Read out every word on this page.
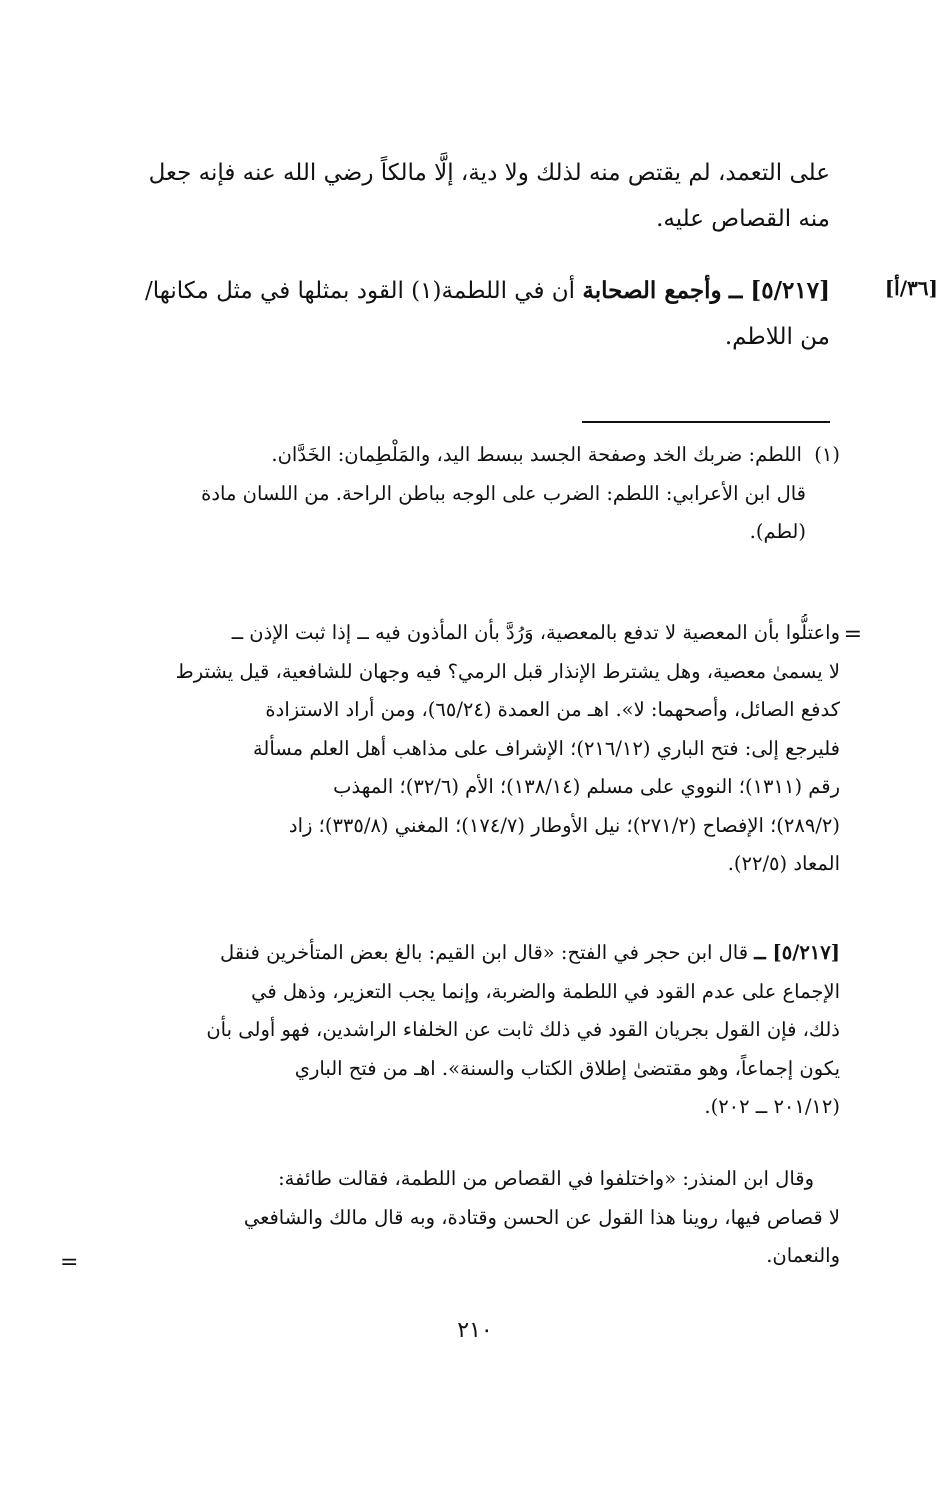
على التعمد، لم يقتص منه لذلك ولا دية، إلَّا مالكاً رضي الله عنه فإنه جعل
منه القصاص عليه.
[٣٦/أ]
[٥/٢١٧] ــ وأجمع الصحابة أن في اللطمة(١) القود بمثلها في مثل مكانها/
من اللاطم.
(١)  اللطم: ضربك الخد وصفحة الجسد ببسط اليد، والمَلْطِمان: الخَدَّان.
قال ابن الأعرابي: اللطم: الضرب على الوجه بباطن الراحة. من اللسان مادة
(لطم).
=
واعتلُّوا بأن المعصية لا تدفع بالمعصية، وَرُدَّ بأن المأذون فيه ــ إذا ثبت الإذن ــ
لا يسمىٰ معصية، وهل يشترط الإنذار قبل الرمي؟ فيه وجهان للشافعية، قيل يشترط
كدفع الصائل، وأصحهما: لا». اهـ من العمدة (٦٥/٢٤)، ومن أراد الاستزادة
فليرجع إلى: فتح الباري (٢١٦/١٢)؛ الإشراف على مذاهب أهل العلم مسألة
رقم (١٣١١)؛ النووي على مسلم (١٣٨/١٤)؛ الأم (٣٢/٦)؛ المهذب
(٢٨٩/٢)؛ الإفصاح (٢٧١/٢)؛ نيل الأوطار (١٧٤/٧)؛ المغني (٣٣٥/٨)؛ زاد
المعاد (٢٢/٥).
[٥/٢١٧] ــ قال ابن حجر في الفتح: «قال ابن القيم: بالغ بعض المتأخرين فنقل
الإجماع على عدم القود في اللطمة والضربة، وإنما يجب التعزير، وذهل في
ذلك، فإن القول بجريان القود في ذلك ثابت عن الخلفاء الراشدين، فهو أولى بأن
يكون إجماعاً، وهو مقتضىٰ إطلاق الكتاب والسنة». اهـ من فتح الباري
(٢٠١/١٢ ــ ٢٠٢).
وقال ابن المنذر: «واختلفوا في القصاص من اللطمة، فقالت طائفة:
لا قصاص فيها، روينا هذا القول عن الحسن وقتادة، وبه قال مالك والشافعي
والنعمان.
=
٢١٠
